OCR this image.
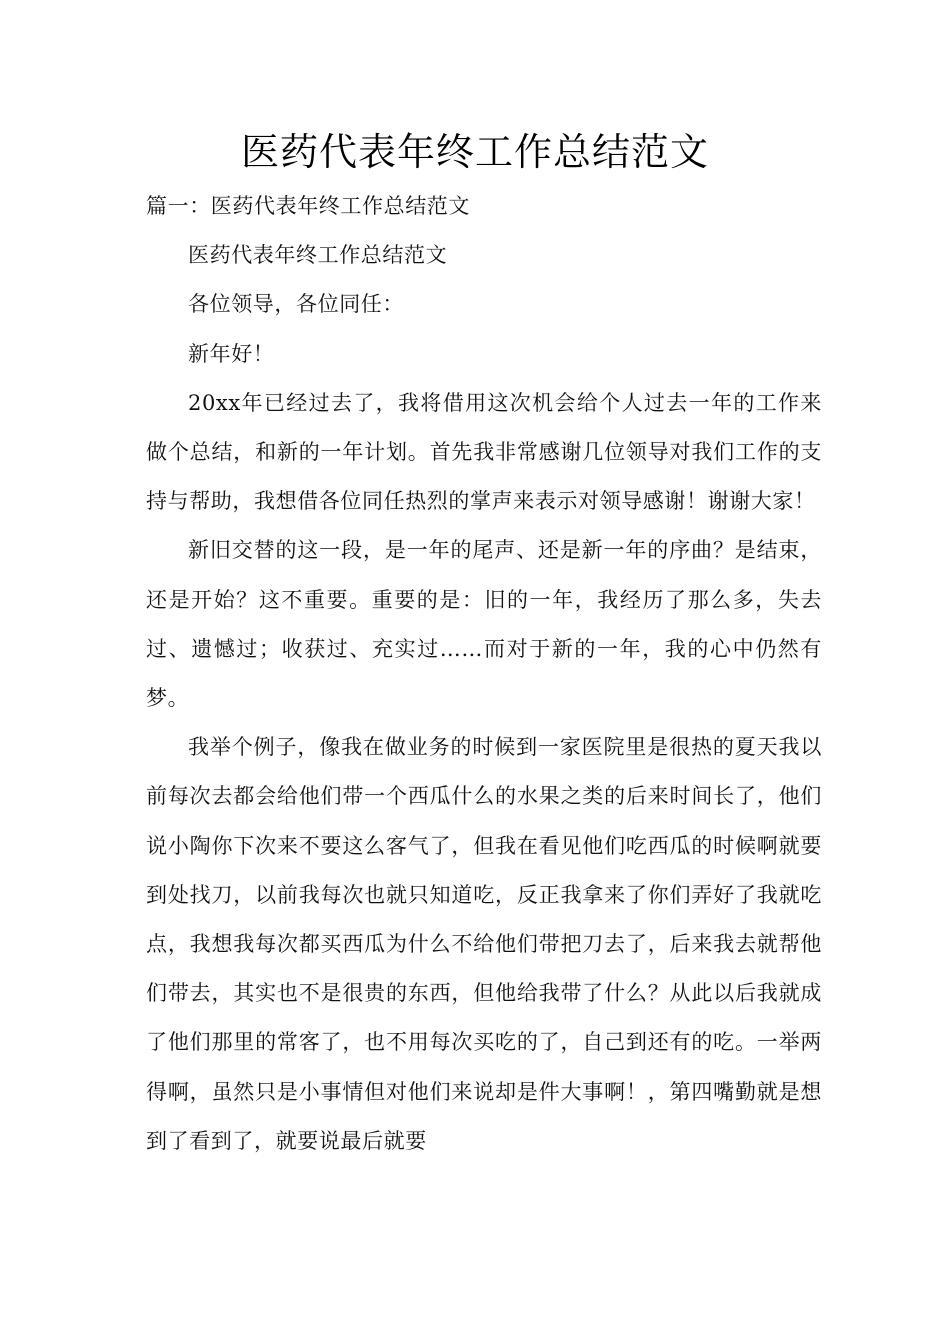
医药代表年终工作总结范文

篇一：医药代表年终工作总结范文

医药代表年终工作总结范文

各位领导，各位同任：

新年好！

20xx年已经过去了，我将借用这次机会给个人过去一年的工作来做个总结，和新的一年计划。首先我非常感谢几位领导对我们工作的支持与帮助，我想借各位同任热烈的掌声来表示对领导感谢！谢谢大家！

新旧交替的这一段，是一年的尾声、还是新一年的序曲？是结束，还是开始？这不重要。重要的是：旧的一年，我经历了那么多，失去过、遗憾过；收获过、充实过……而对于新的一年，我的心中仍然有梦。

我举个例子，像我在做业务的时候到一家医院里是很热的夏天我以前每次去都会给他们带一个西瓜什么的水果之类的后来时间长了，他们说小陶你下次来不要这么客气了，但我在看见他们吃西瓜的时候啊就要到处找刀，以前我每次也就只知道吃，反正我拿来了你们弄好了我就吃点，我想我每次都买西瓜为什么不给他们带把刀去了，后来我去就帮他们带去，其实也不是很贵的东西，但他给我带了什么？从此以后我就成了他们那里的常客了，也不用每次买吃的了，自己到还有的吃。一举两得啊，虽然只是小事情但对他们来说却是件大事啊！，第四嘴勤就是想到了看到了，就要说最后就要
